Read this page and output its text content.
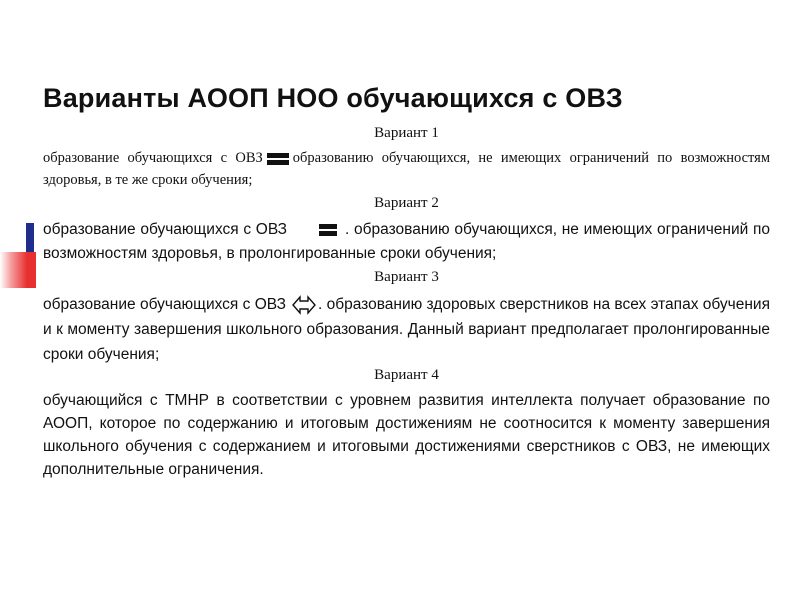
Варианты АООП НОО обучающихся с ОВЗ
Вариант 1

образование обучающихся с ОВЗ образованию обучающихся, не имеющих ограничений по возможностям здоровья, в те же сроки обучения;

Вариант 2

образование обучающихся с ОВЗ	. образованию обучающихся, не имеющих ограничений по возможностям здоровья, в пролонгированные сроки обучения;

Вариант 3

образование обучающихся с ОВЗ . образованию здоровых сверстников на всех этапах обучения и к моменту завершения школьного образования. Данный вариант предполагает пролонгированные сроки обучения;

Вариант 4

обучающийся с ТМНР в соответствии с уровнем развития интеллекта получает образование по АООП, которое по содержанию и итоговым достижениям не соотносится к моменту завершения школьного обучения с содержанием и итоговыми достижениями сверстников с ОВЗ, не имеющих дополнительные ограничения.
